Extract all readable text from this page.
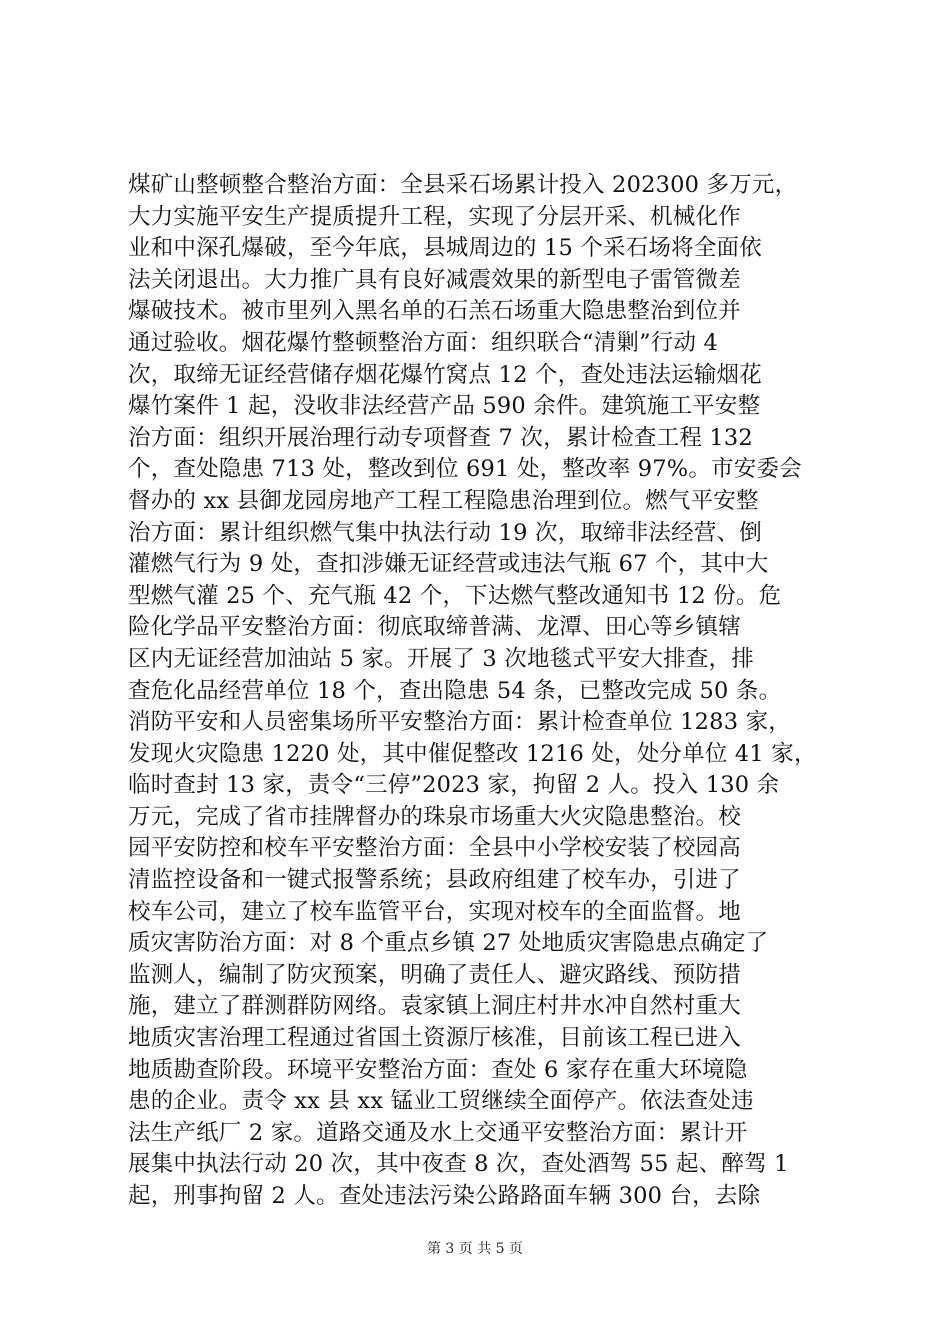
煤矿山整顿整合整治方面：全县采石场累计投入 202300 多万元，
大力实施平安生产提质提升工程，实现了分层开采、机械化作
业和中深孔爆破，至今年底，县城周边的 15 个采石场将全面依
法关闭退出。大力推广具有良好减震效果的新型电子雷管微差
爆破技术。被市里列入黑名单的石羔石场重大隐患整治到位并
通过验收。烟花爆竹整顿整治方面：组织联合“清剿”行动 4
次，取缔无证经营储存烟花爆竹窝点 12 个，查处违法运输烟花
爆竹案件 1 起，没收非法经营产品 590 余件。建筑施工平安整
治方面：组织开展治理行动专项督查 7 次，累计检查工程 132
个，查处隐患 713 处，整改到位 691 处，整改率 97%。市安委会
督办的 xx 县御龙园房地产工程工程隐患治理到位。燃气平安整
治方面：累计组织燃气集中执法行动 19 次，取缔非法经营、倒
灌燃气行为 9 处，查扣涉嫌无证经营或违法气瓶 67 个，其中大
型燃气灌 25 个、充气瓶 42 个，下达燃气整改通知书 12 份。危
险化学品平安整治方面：彻底取缔普满、龙潭、田心等乡镇辖
区内无证经营加油站 5 家。开展了 3 次地毯式平安大排查，排
查危化品经营单位 18 个，查出隐患 54 条，已整改完成 50 条。
消防平安和人员密集场所平安整治方面：累计检查单位 1283 家，
发现火灾隐患 1220 处，其中催促整改 1216 处，处分单位 41 家，
临时查封 13 家，责令“三停”2023 家，拘留 2 人。投入 130 余
万元，完成了省市挂牌督办的珠泉市场重大火灾隐患整治。校
园平安防控和校车平安整治方面：全县中小学校安装了校园高
清监控设备和一键式报警系统；县政府组建了校车办，引进了
校车公司，建立了校车监管平台，实现对校车的全面监督。地
质灾害防治方面：对 8 个重点乡镇 27 处地质灾害隐患点确定了
监测人，编制了防灾预案，明确了责任人、避灾路线、预防措
施，建立了群测群防网络。袁家镇上洞庄村井水冲自然村重大
地质灾害治理工程通过省国土资源厅核准，目前该工程已进入
地质勘查阶段。环境平安整治方面：查处 6 家存在重大环境隐
患的企业。责令 xx 县 xx 锰业工贸继续全面停产。依法查处违
法生产纸厂 2 家。道路交通及水上交通平安整治方面：累计开
展集中执法行动 20 次，其中夜查 8 次，查处酒驾 55 起、醉驾 1
起，刑事拘留 2 人。查处违法污染公路路面车辆 300 台，去除
第 3 页 共 5 页
